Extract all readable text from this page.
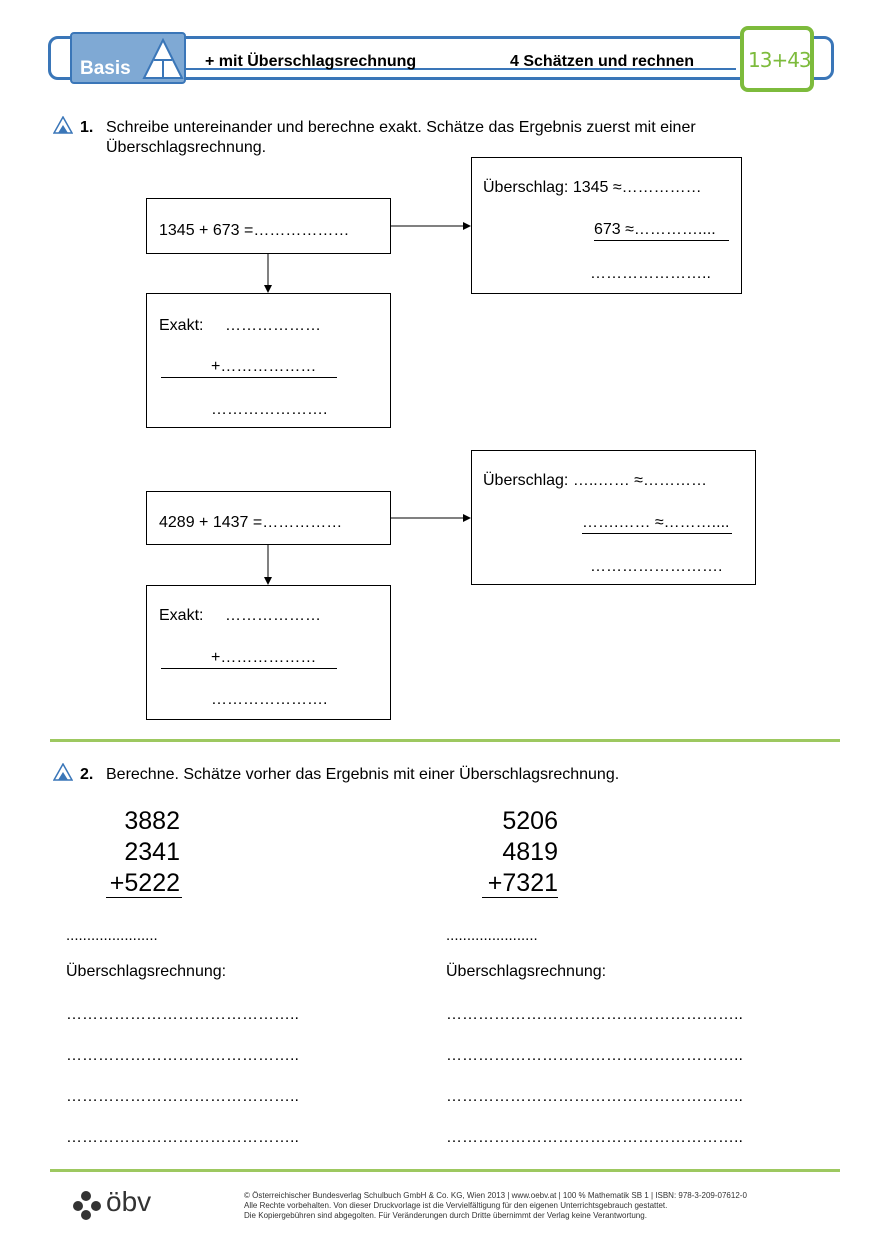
Basis	+ mit Überschlagsrechnung	4 Schätzen und rechnen	13+43
1. Schreibe untereinander und berechne exakt. Schätze das Ergebnis zuerst mit einer
Überschlagsrechnung.
1345 + 673 =………………
Überschlag: 1345 ≈……………
673 ≈…………....
…………………..
Exakt: ………………
+………………
………………….
4289 + 1437 =……………
Überschlag: …..…… ≈…………
…….…… ≈………....
…………………….
Exakt: ………………
+………………
………………….
2. Berechne. Schätze vorher das Ergebnis mit einer Überschlagsrechnung.
3882
2341
+5222
......................
Überschlagsrechnung:
……………………………………..
……………………………………..
……………………………………..
……………………………………..
5206
4819
+7321
......................
Überschlagsrechnung:
………………………………………………..
………………………………………………..
………………………………………………..
………………………………………………..
öbv	© Österreichischer Bundesverlag Schulbuch GmbH & Co. KG, Wien 2013 | www.oebv.at | 100 % Mathematik SB 1 | ISBN: 978-3-209-07612-0
Alle Rechte vorbehalten. Von dieser Druckvorlage ist die Vervielfältigung für den eigenen Unterrichtsgebrauch gestattet.
Die Kopiergebühren sind abgegolten. Für Veränderungen durch Dritte übernimmt der Verlag keine Verantwortung.
